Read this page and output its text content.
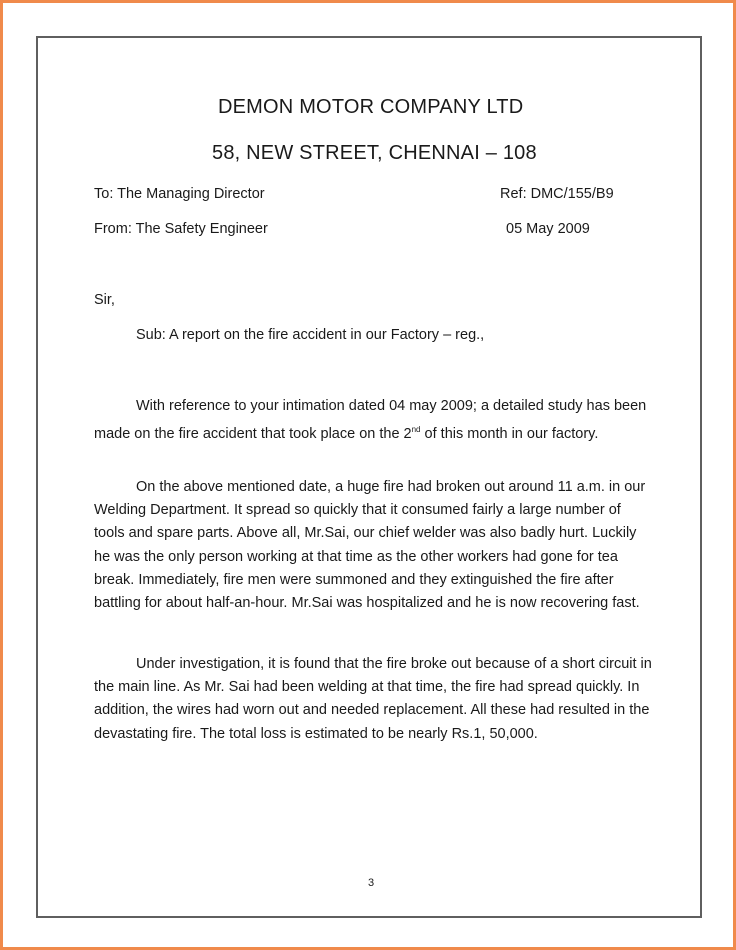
DEMON MOTOR COMPANY LTD
58, NEW STREET, CHENNAI – 108
To: The Managing Director	Ref: DMC/155/B9
From: The Safety Engineer	05 May 2009
Sir,
Sub: A report on the fire accident in our Factory – reg.,
With reference to your intimation dated 04 may 2009; a detailed study has been made on the fire accident that took place on the 2nd of this month in our factory.
On the above mentioned date, a huge fire had broken out around 11 a.m. in our Welding Department. It spread so quickly that it consumed fairly a large number of tools and spare parts. Above all, Mr.Sai, our chief welder was also badly hurt. Luckily he was the only person working at that time as the other workers had gone for tea break. Immediately, fire men were summoned and they extinguished the fire after battling for about half-an-hour. Mr.Sai was hospitalized and he is now recovering fast.
Under investigation, it is found that the fire broke out because of a short circuit in the main line. As Mr. Sai had been welding at that time, the fire had spread quickly. In addition, the wires had worn out and needed replacement. All these had resulted in the devastating fire. The total loss is estimated to be nearly Rs.1, 50,000.
3
